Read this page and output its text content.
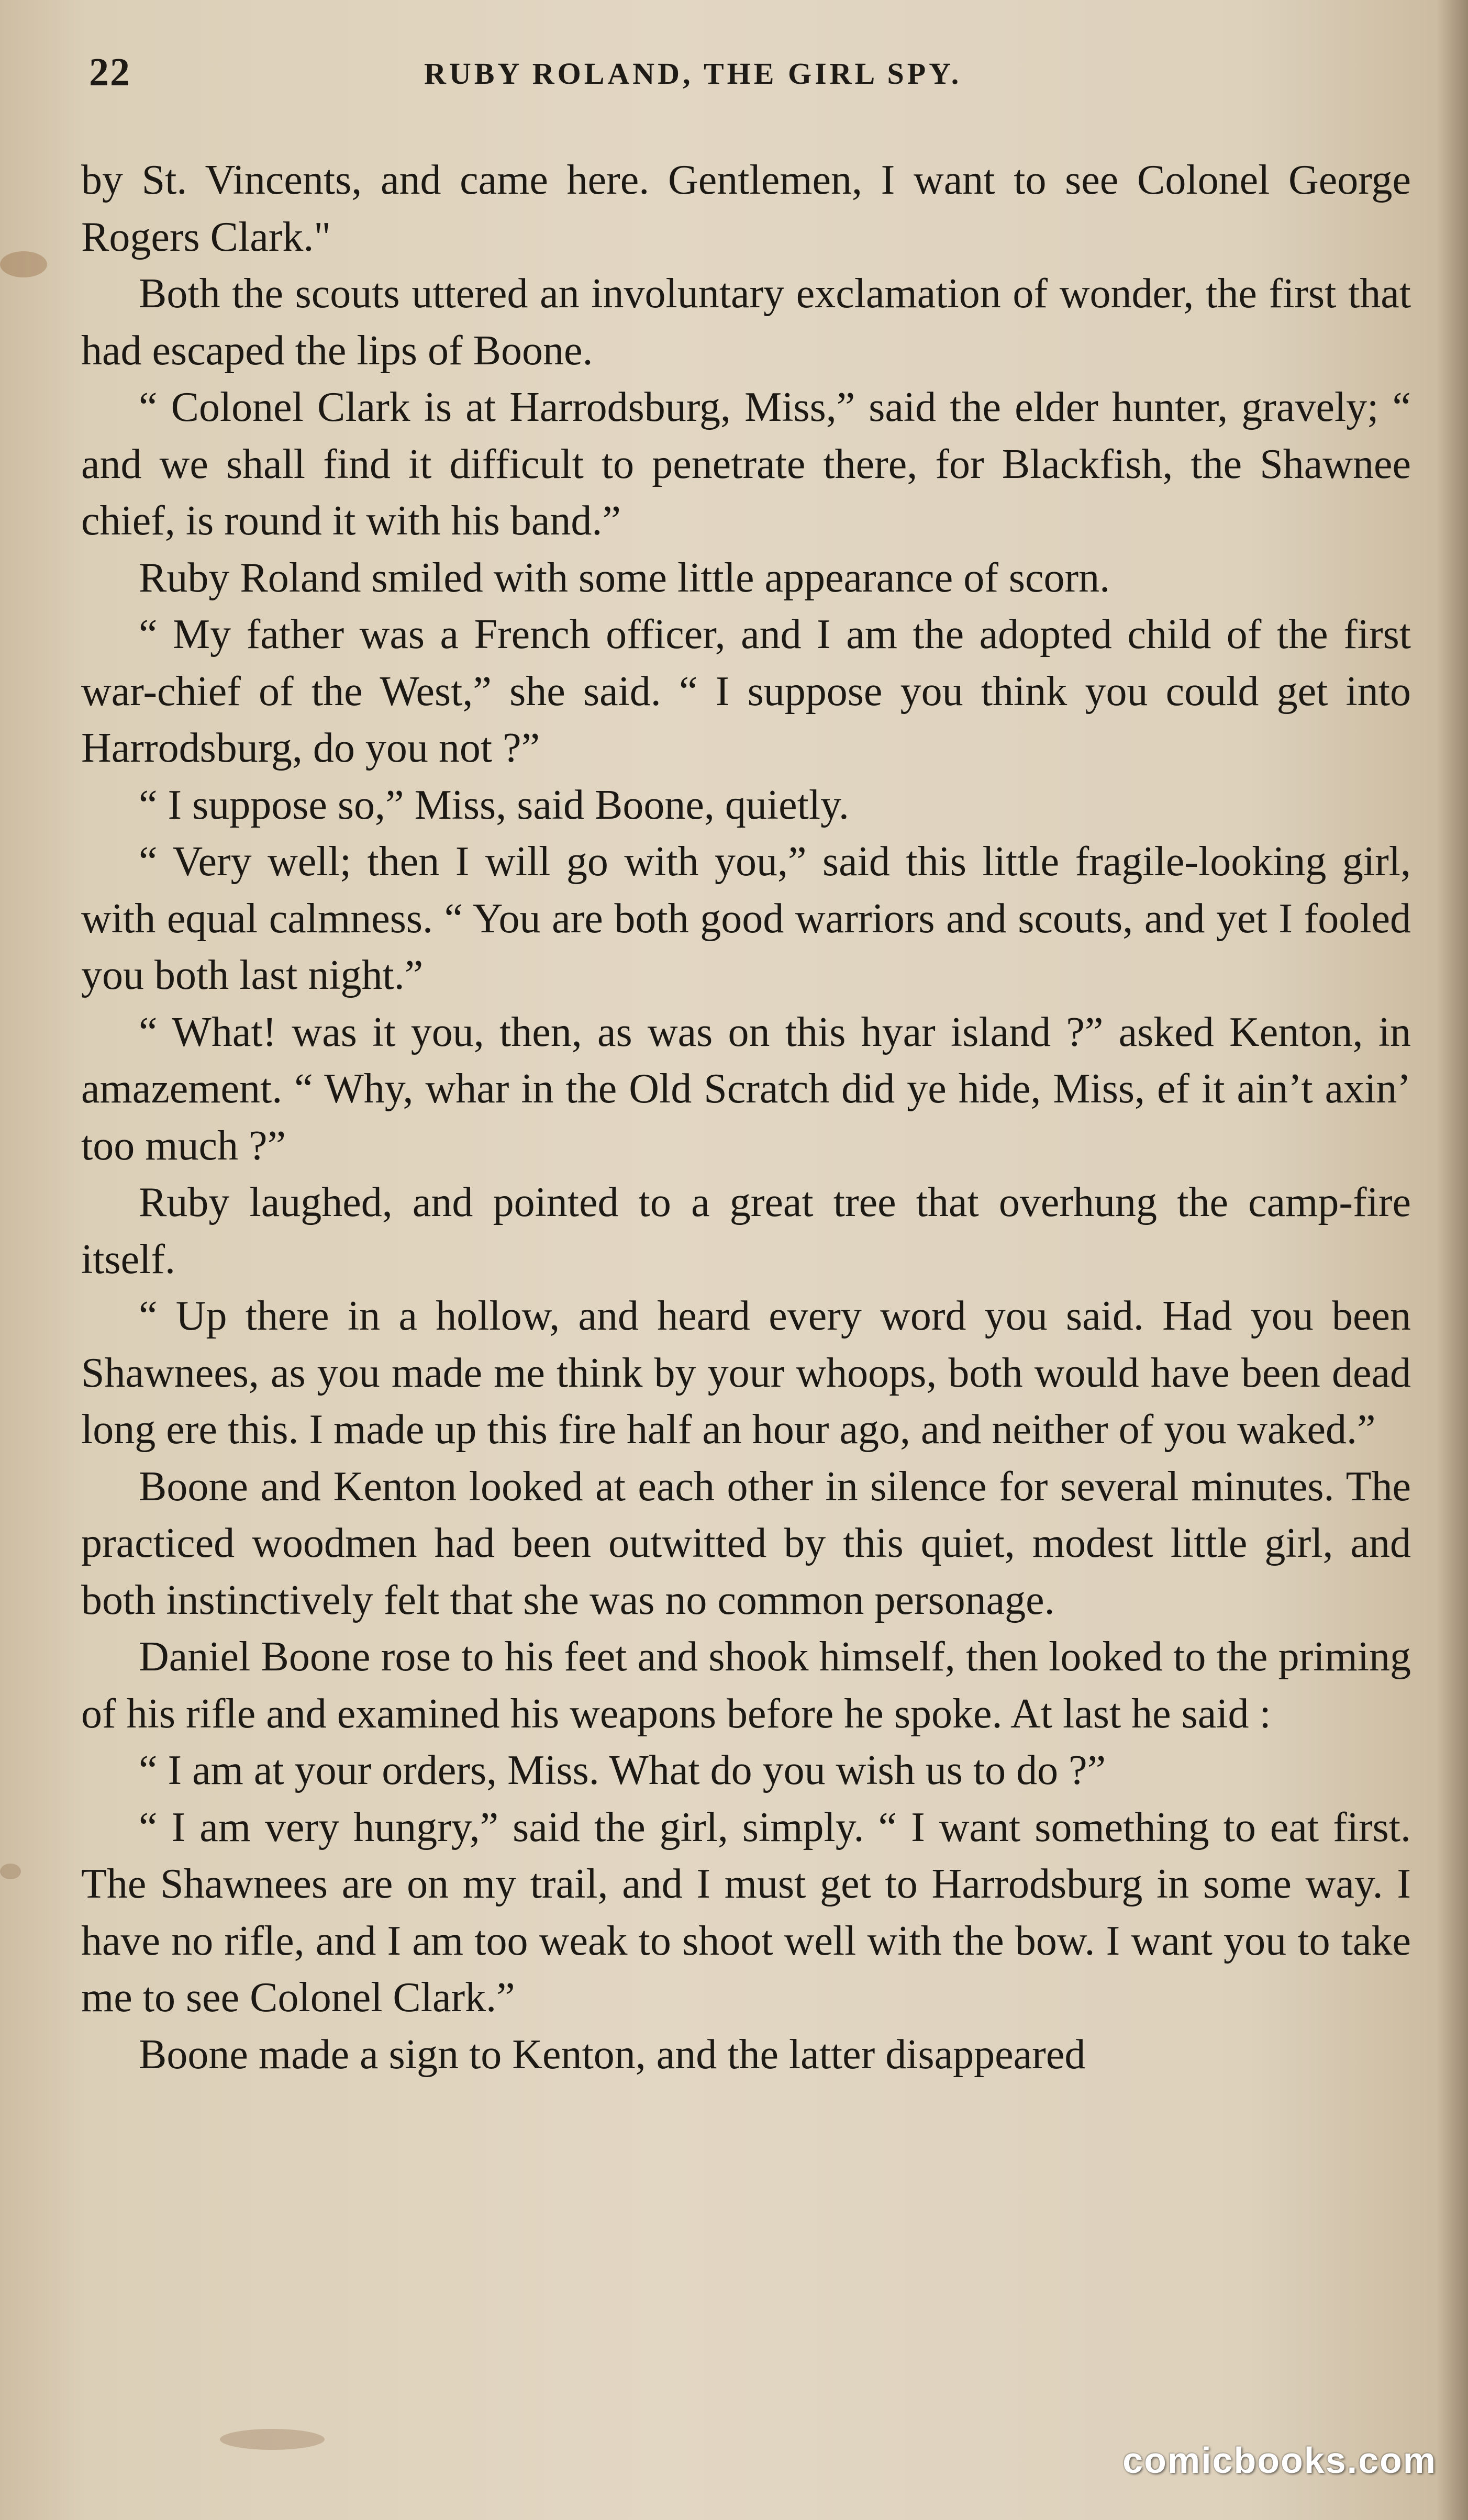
22	RUBY ROLAND, THE GIRL SPY.

by St. Vincents, and came here. Gentlemen, I want to see Colonel George Rogers Clark."

Both the scouts uttered an involuntary exclamation of wonder, the first that had escaped the lips of Boone.

“ Colonel Clark is at Harrodsburg, Miss,” said the elder hunter, gravely; “ and we shall find it difficult to penetrate there, for Blackfish, the Shawnee chief, is round it with his band.”

Ruby Roland smiled with some little appearance of scorn.

“ My father was a French officer, and I am the adopted child of the first war-chief of the West,” she said. “ I suppose you think you could get into Harrodsburg, do you not ?”

“ I suppose so,” Miss, said Boone, quietly.

“ Very well; then I will go with you,” said this little fragile-looking girl, with equal calmness. “ You are both good warriors and scouts, and yet I fooled you both last night.”

“ What! was it you, then, as was on this hyar island ?” asked Kenton, in amazement. “ Why, whar in the Old Scratch did ye hide, Miss, ef it ain’t axin’ too much ?”

Ruby laughed, and pointed to a great tree that overhung the camp-fire itself.

“ Up there in a hollow, and heard every word you said. Had you been Shawnees, as you made me think by your whoops, both would have been dead long ere this. I made up this fire half an hour ago, and neither of you waked.”

Boone and Kenton looked at each other in silence for several minutes. The practiced woodmen had been outwitted by this quiet, modest little girl, and both instinctively felt that she was no common personage.

Daniel Boone rose to his feet and shook himself, then looked to the priming of his rifle and examined his weapons before he spoke. At last he said :

“ I am at your orders, Miss. What do you wish us to do ?”

“ I am very hungry,” said the girl, simply. “ I want something to eat first. The Shawnees are on my trail, and I must get to Harrodsburg in some way. I have no rifle, and I am too weak to shoot well with the bow. I want you to take me to see Colonel Clark.”

Boone made a sign to Kenton, and the latter disappeared

comicbooks.com
